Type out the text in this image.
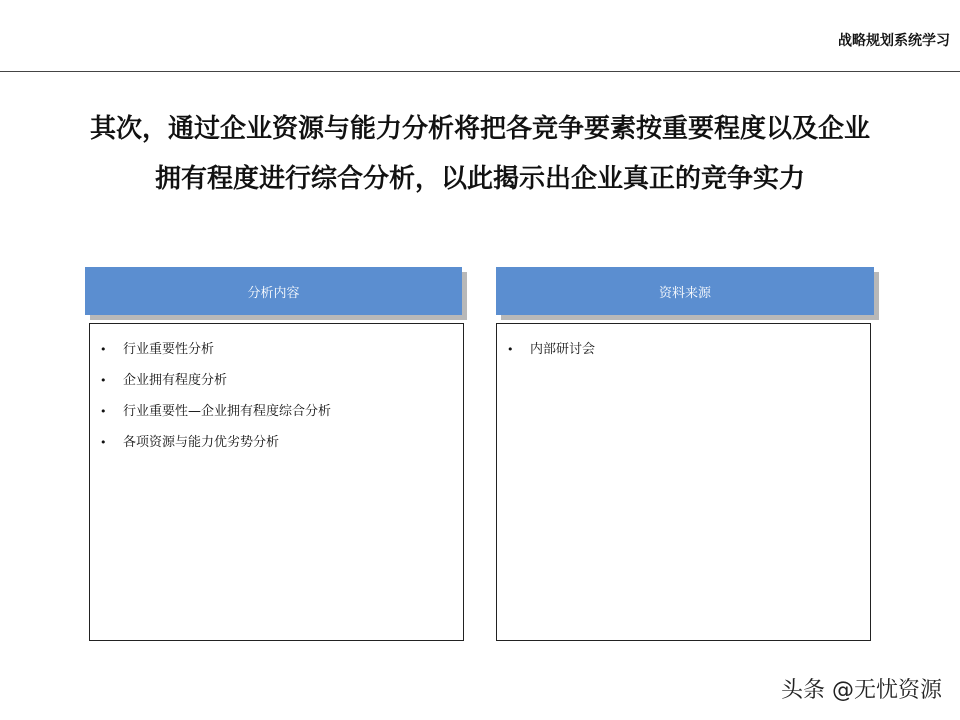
战略规划系统学习
其次，通过企业资源与能力分析将把各竞争要素按重要程度以及企业
拥有程度进行综合分析，以此揭示出企业真正的竞争实力
分析内容
• 行业重要性分析
• 企业拥有程度分析
• 行业重要性—企业拥有程度综合分析
• 各项资源与能力优劣势分析
资料来源
• 内部研讨会
头条 @无忧资源
